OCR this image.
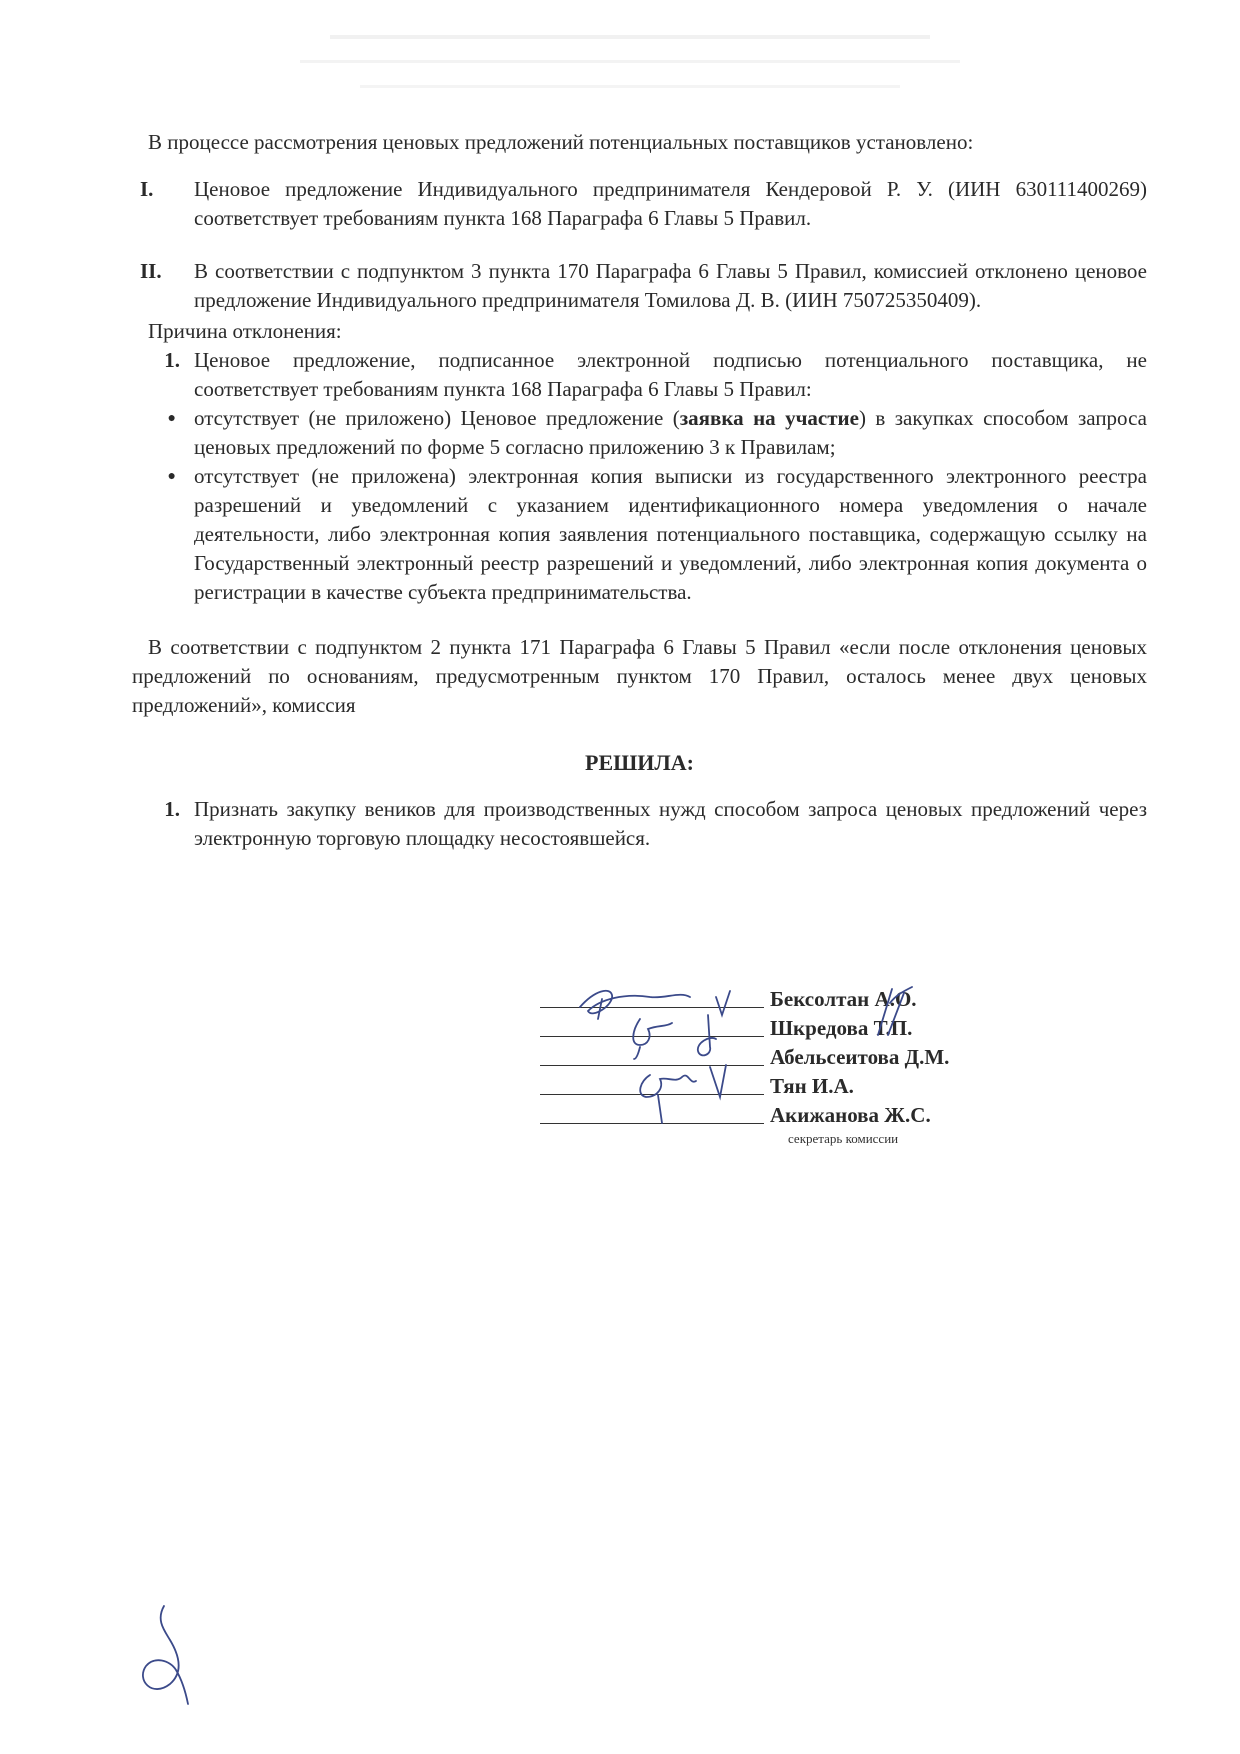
В процессе рассмотрения ценовых предложений потенциальных поставщиков установлено:

I.	Ценовое предложение Индивидуального предпринимателя Кендеровой Р. У. (ИИН 630111400269) соответствует требованиям пункта 168 Параграфа 6 Главы 5 Правил.
II.	В соответствии с подпунктом 3 пункта 170 Параграфа 6 Главы 5 Правил, комиссией отклонено ценовое предложение Индивидуального предпринимателя Томилова Д. В. (ИИН 750725350409).
Причина отклонения:
1. Ценовое предложение, подписанное электронной подписью потенциального поставщика, не соответствует требованиям пункта 168 Параграфа 6 Главы 5 Правил:
● отсутствует (не приложено) Ценовое предложение (заявка на участие) в закупках способом запроса ценовых предложений по форме 5 согласно приложению 3 к Правилам;
● отсутствует (не приложена) электронная копия выписки из государственного электронного реестра разрешений и уведомлений с указанием идентификационного номера уведомления о начале деятельности, либо электронная копия заявления потенциального поставщика, содержащую ссылку на Государственный электронный реестр разрешений и уведомлений, либо электронная копия документа о регистрации в качестве субъекта предпринимательства.

В соответствии с подпунктом 2 пункта 171 Параграфа 6 Главы 5 Правил «если после отклонения ценовых предложений по основаниям, предусмотренным пунктом 170 Правил, осталось менее двух ценовых предложений», комиссия

РЕШИЛА:
1. Признать закупку веников для производственных нужд способом запроса ценовых предложений через электронную торговую площадку несостоявшейся.
Бексолтан А.О.
Шкредова Т.П.
Абельсеитова Д.М.
Тян И.А.
Акижанова Ж.С.
секретарь комиссии
